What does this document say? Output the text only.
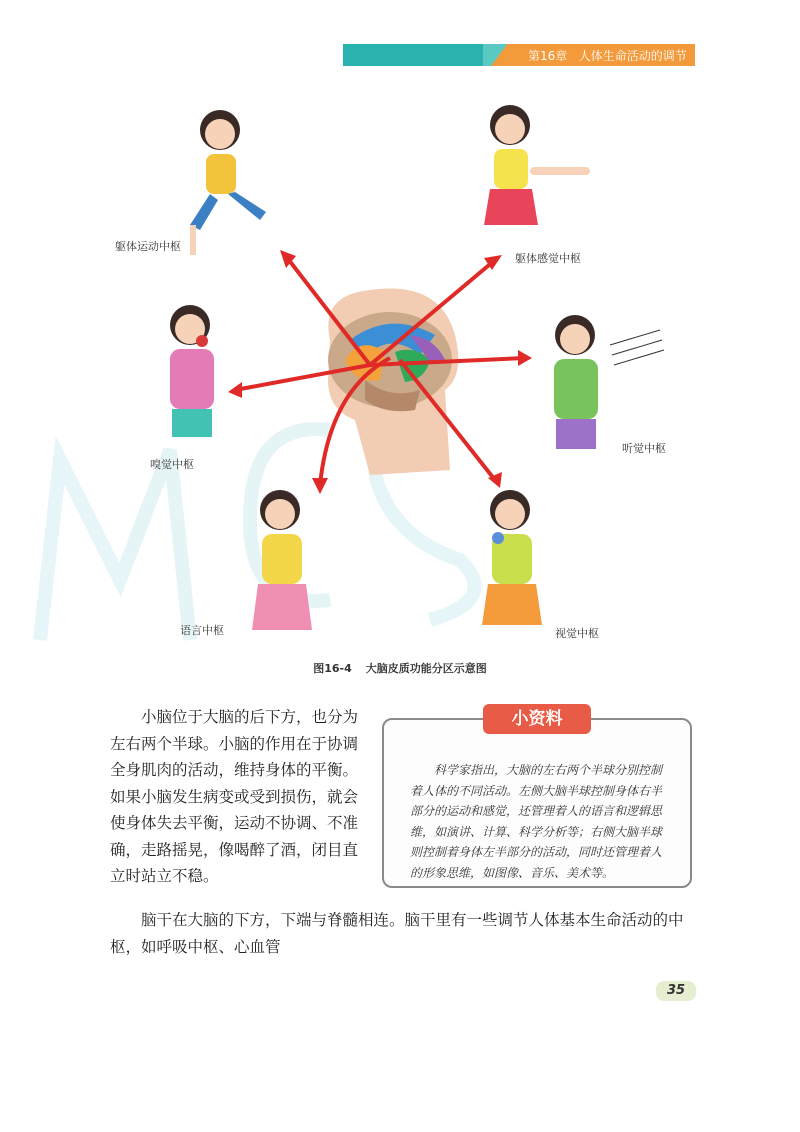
第16章 人体生命活动的调节
躯体运动中枢
躯体感觉中枢
嗅觉中枢
听觉中枢
语言中枢	视觉中枢
图16-4 大脑皮质功能分区示意图
小脑位于大脑的后下方，也分为左右两个半球。小脑的作用在于协调全身肌肉的活动，维持身体的平衡。如果小脑发生病变或受到损伤，就会使身体失去平衡，运动不协调、不准确，走路摇晃，像喝醉了酒，闭目直立时站立不稳。
科学家指出，大脑的左右两个半球分别控制着人体的不同活动。左侧大脑半球控制身体右半部分的运动和感觉，还管理着人的语言和逻辑思维，如演讲、计算、科学分析等；右侧大脑半球则控制着身体左半部分的活动，同时还管理着人的形象思维，如图像、音乐、美术等。
小资料
脑干在大脑的下方，下端与脊髓相连。脑干里有一些调节人体基本生命活动的中枢，如呼吸中枢、心血管
35
